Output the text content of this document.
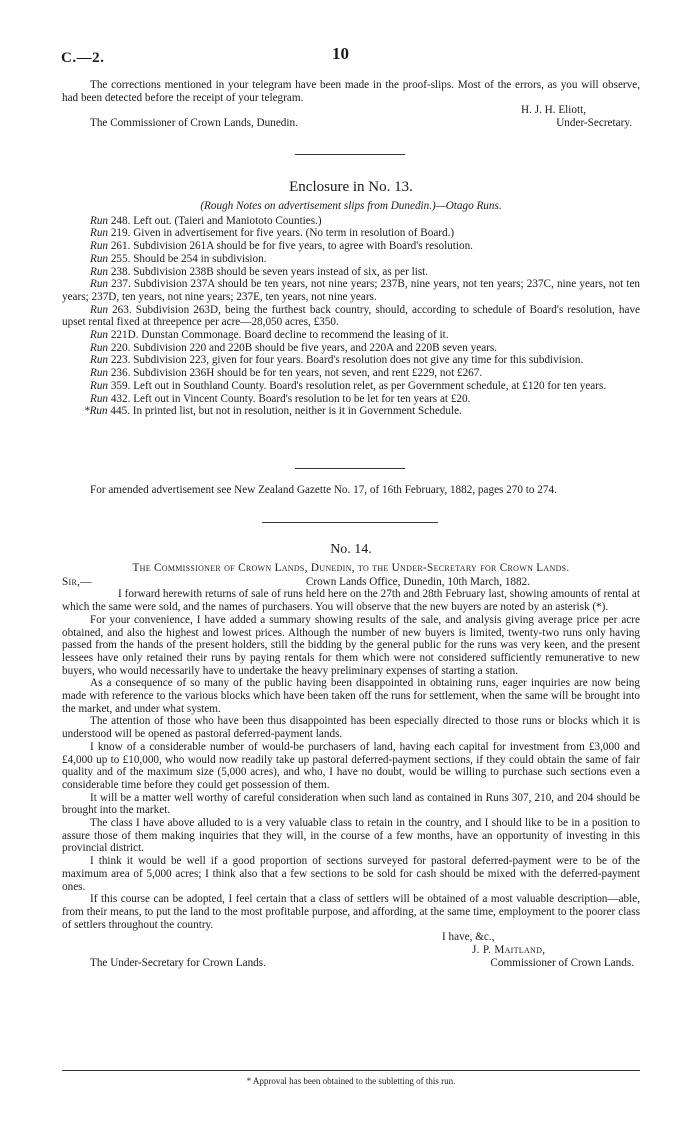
C.—2.	10

The corrections mentioned in your telegram have been made in the proof-slips. Most of the errors, as you will observe, had been detected before the receipt of your telegram.

H. J. H. Eliott,
The Commissioner of Crown Lands, Dunedin.	Under-Secretary.
Enclosure in No. 13.
(Rough Notes on advertisement slips from Dunedin.)—Otago Runs.

Run 248. Left out. (Taieri and Maniototo Counties.)

Run 219. Given in advertisement for five years. (No term in resolution of Board.)

Run 261. Subdivision 261A should be for five years, to agree with Board's resolution.

Run 255. Should be 254 in subdivision.

Run 238. Subdivision 238B should be seven years instead of six, as per list.

Run 237. Subdivision 237A should be ten years, not nine years; 237B, nine years, not ten years; 237C, nine years, not ten years; 237D, ten years, not nine years; 237E, ten years, not nine years.

Run 263. Subdivision 263D, being the furthest back country, should, according to schedule of Board's resolution, have upset rental fixed at threepence per acre—28,050 acres, £350.

Run 221D. Dunstan Commonage. Board decline to recommend the leasing of it.

Run 220. Subdivision 220 and 220B should be five years, and 220A and 220B seven years.

Run 223. Subdivision 223, given for four years. Board's resolution does not give any time for this subdivision.

Run 236. Subdivision 236H should be for ten years, not seven, and rent £229, not £267.

Run 359. Left out in Southland County. Board's resolution relet, as per Government schedule, at £120 for ten years.

Run 432. Left out in Vincent County. Board's resolution to be let for ten years at £20.

*Run 445. In printed list, but not in resolution, neither is it in Government Schedule.

For amended advertisement see New Zealand Gazette No. 17, of 16th February, 1882, pages 270 to 274.

No. 14.
The Commissioner of Crown Lands, Dunedin, to the Under-Secretary for Crown Lands.
Sir,—	Crown Lands Office, Dunedin, 10th March, 1882.

I forward herewith returns of sale of runs held here on the 27th and 28th February last, showing amounts of rental at which the same were sold, and the names of purchasers. You will observe that the new buyers are noted by an asterisk (*).

For your convenience, I have added a summary showing results of the sale, and analysis giving average price per acre obtained, and also the highest and lowest prices. Although the number of new buyers is limited, twenty-two runs only having passed from the hands of the present holders, still the bidding by the general public for the runs was very keen, and the present lessees have only retained their runs by paying rentals for them which were not considered sufficiently remunerative to new buyers, who would necessarily have to undertake the heavy preliminary expenses of starting a station.

As a consequence of so many of the public having been disappointed in obtaining runs, eager inquiries are now being made with reference to the various blocks which have been taken off the runs for settlement, when the same will be brought into the market, and under what system.

The attention of those who have been thus disappointed has been especially directed to those runs or blocks which it is understood will be opened as pastoral deferred-payment lands.

I know of a considerable number of would-be purchasers of land, having each capital for investment from £3,000 and £4,000 up to £10,000, who would now readily take up pastoral deferred-payment sections, if they could obtain the same of fair quality and of the maximum size (5,000 acres), and who, I have no doubt, would be willing to purchase such sections even a considerable time before they could get possession of them.

It will be a matter well worthy of careful consideration when such land as contained in Runs 307, 210, and 204 should be brought into the market.

The class I have above alluded to is a very valuable class to retain in the country, and I should like to be in a position to assure those of them making inquiries that they will, in the course of a few months, have an opportunity of investing in this provincial district.

I think it would be well if a good proportion of sections surveyed for pastoral deferred-payment were to be of the maximum area of 5,000 acres; I think also that a few sections to be sold for cash should be mixed with the deferred-payment ones.

If this course can be adopted, I feel certain that a class of settlers will be obtained of a most valuable description—able, from their means, to put the land to the most profitable purpose, and affording, at the same time, employment to the poorer class of settlers throughout the country.

I have, &c.,
J. P. Maitland,
The Under-Secretary for Crown Lands.	Commissioner of Crown Lands.
* Approval has been obtained to the subletting of this run.
